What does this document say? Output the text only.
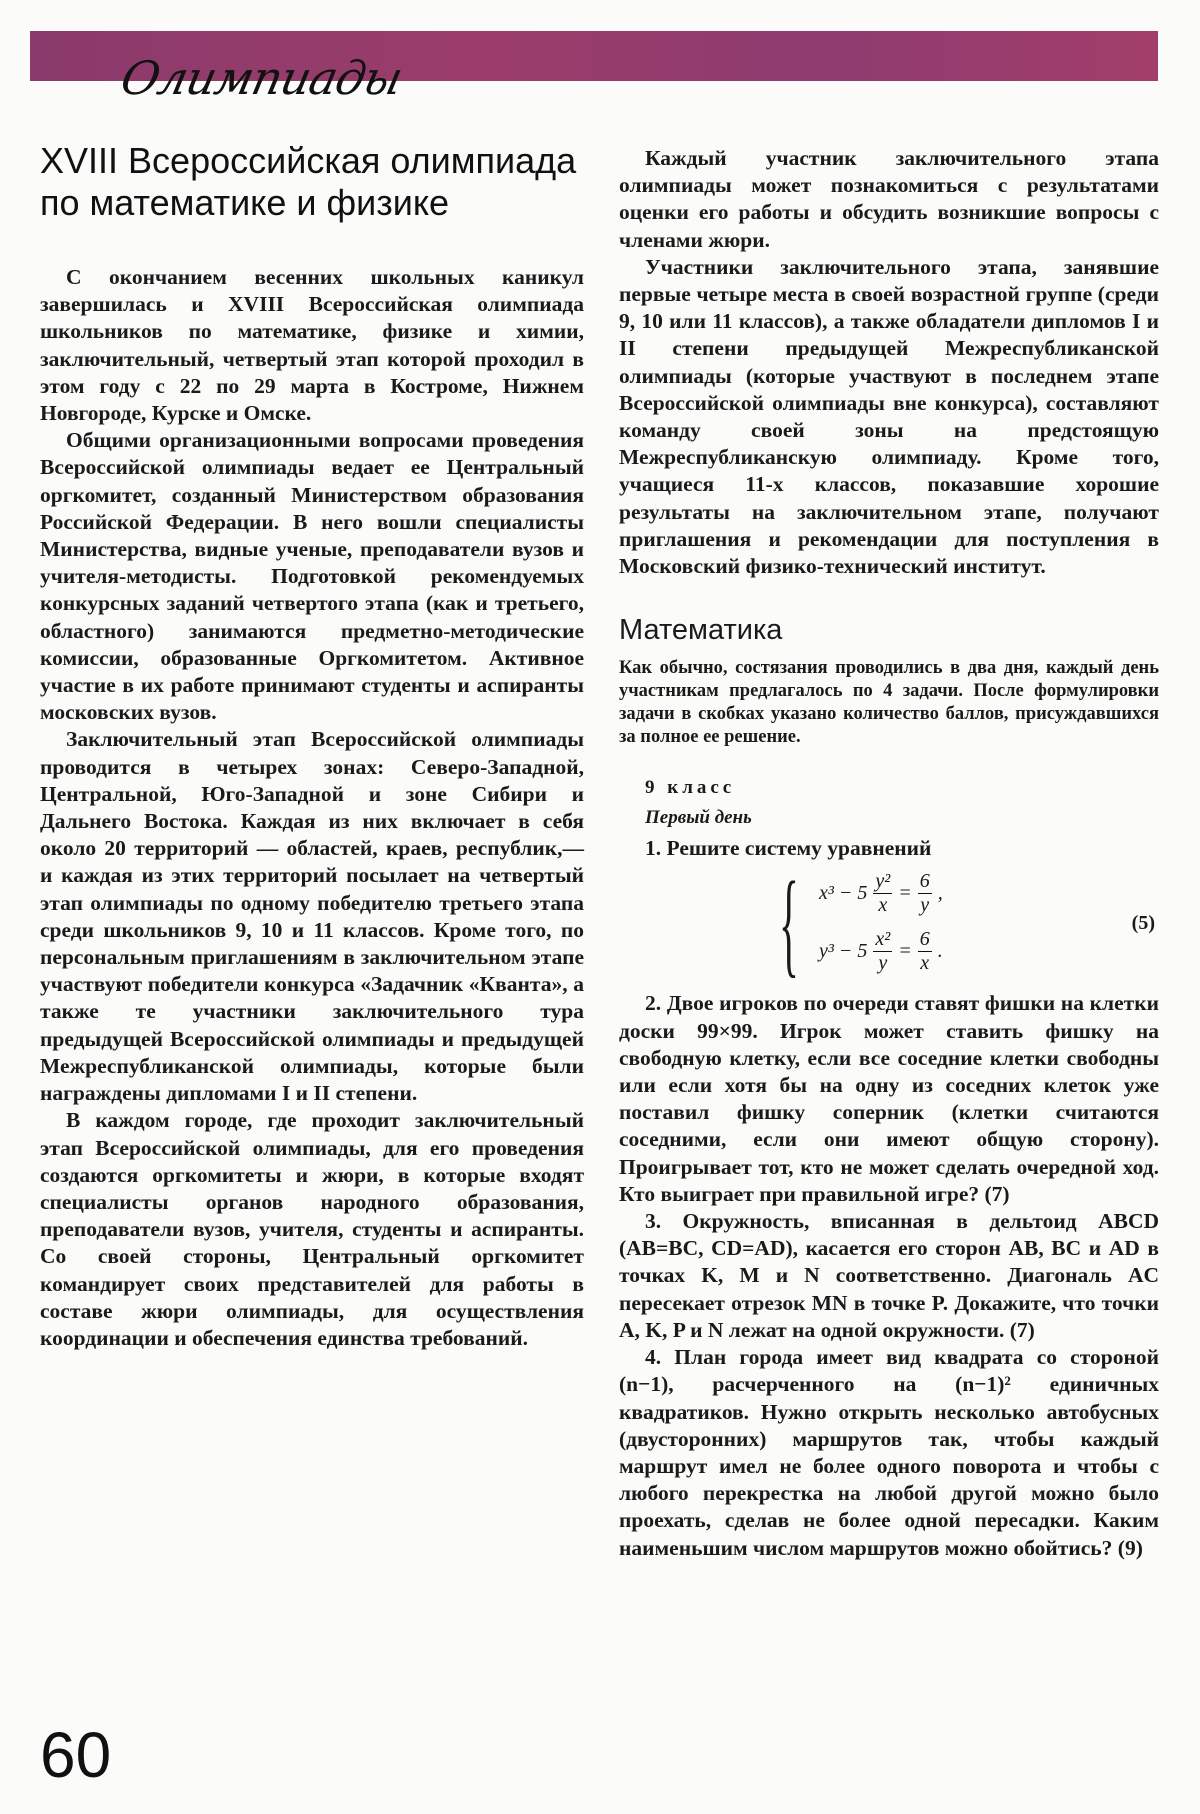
Олимпиады
XVIII Всероссийская олимпиада по математике и физике

С окончанием весенних школьных каникул завершилась и XVIII Всероссийская олимпиада школьников по математике, физике и химии, заключительный, четвертый этап которой проходил в этом году с 22 по 29 марта в Костроме, Нижнем Новгороде, Курске и Омске.

Общими организационными вопросами проведения Всероссийской олимпиады ведает ее Центральный оргкомитет, созданный Министерством образования Российской Федерации. В него вошли специалисты Министерства, видные ученые, преподаватели вузов и учителя-методисты. Подготовкой рекомендуемых конкурсных заданий четвертого этапа (как и третьего, областного) занимаются предметно-методические комиссии, образованные Оргкомитетом. Активное участие в их работе принимают студенты и аспиранты московских вузов.

Заключительный этап Всероссийской олимпиады проводится в четырех зонах: Северо-Западной, Центральной, Юго-Западной и зоне Сибири и Дальнего Востока. Каждая из них включает в себя около 20 территорий — областей, краев, республик,— и каждая из этих территорий посылает на четвертый этап олимпиады по одному победителю третьего этапа среди школьников 9, 10 и 11 классов. Кроме того, по персональным приглашениям в заключительном этапе участвуют победители конкурса «Задачник «Кванта», а также те участники заключительного тура предыдущей Всероссийской олимпиады и предыдущей Межреспубликанской олимпиады, которые были награждены дипломами I и II степени.

В каждом городе, где проходит заключительный этап Всероссийской олимпиады, для его проведения создаются оргкомитеты и жюри, в которые входят специалисты органов народного образования, преподаватели вузов, учителя, студенты и аспиранты. Со своей стороны, Центральный оргкомитет командирует своих представителей для работы в составе жюри олимпиады, для осуществления координации и обеспечения единства требований.

Каждый участник заключительного этапа олимпиады может познакомиться с результатами оценки его работы и обсудить возникшие вопросы с членами жюри.

Участники заключительного этапа, занявшие первые четыре места в своей возрастной группе (среди 9, 10 или 11 классов), а также обладатели дипломов I и II степени предыдущей Межреспубликанской олимпиады (которые участвуют в последнем этапе Всероссийской олимпиады вне конкурса), составляют команду своей зоны на предстоящую Межреспубликанскую олимпиаду. Кроме того, учащиеся 11-х классов, показавшие хорошие результаты на заключительном этапе, получают приглашения и рекомендации для поступления в Московский физико-технический институт.

Математика

Как обычно, состязания проводились в два дня, каждый день участникам предлагалось по 4 задачи. После формулировки задачи в скобках указано количество баллов, присуждавшихся за полное ее решение.

9 класс
Первый день

1. Решите систему уравнений

{ $x^3 - 5 \frac{\text{y²}}{x} = \frac{6}{y}$ ,
$y^3 - 5 \frac{\text{x²}}{y} = \frac{6}{x}$ .
(5)

2. Двое игроков по очереди ставят фишки на клетки доски 99×99. Игрок может ставить фишку на свободную клетку, если все соседние клетки свободны или если хотя бы на одну из соседних клеток уже поставил фишку соперник (клетки считаются соседними, если они имеют общую сторону). Проигрывает тот, кто не может сделать очередной ход. Кто выиграет при правильной игре? (7)

3. Окружность, вписанная в дельтоид ABCD (AB=BC, CD=AD), касается его сторон AB, BC и AD в точках K, M и N соответственно. Диагональ AC пересекает отрезок MN в точке P. Докажите, что точки A, K, P и N лежат на одной окружности. (7)

4. План города имеет вид квадрата со стороной (n−1), расчерченного на (n−1)² единичных квадратиков. Нужно открыть несколько автобусных (двусторонних) маршрутов так, чтобы каждый маршрут имел не более одного поворота и чтобы с любого перекрестка на любой другой можно было проехать, сделав не более одной пересадки. Каким наименьшим числом маршрутов можно обойтись? (9)

60
